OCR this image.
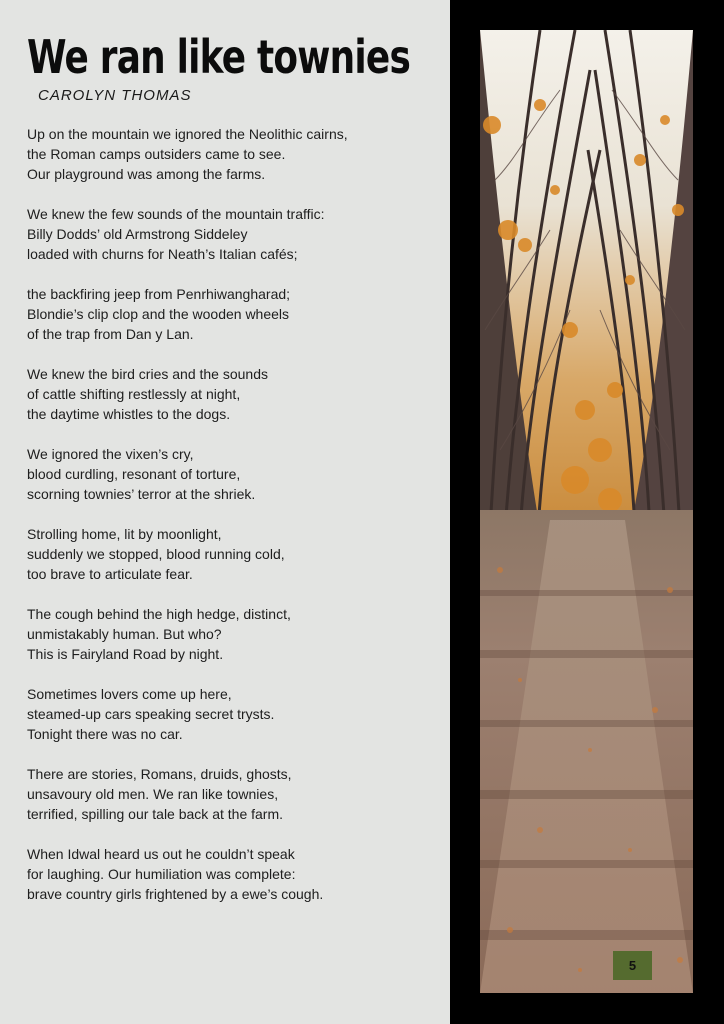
We ran like townies

CAROLYN THOMAS

Up on the mountain we ignored the Neolithic cairns,
the Roman camps outsiders came to see.
Our playground was among the farms.

We knew the few sounds of the mountain traffic:
Billy Dodds’ old Armstrong Siddeley
loaded with churns for Neath’s Italian cafés;

the backfiring jeep from Penrhiwangharad;
Blondie’s clip clop and the wooden wheels
of the trap from Dan y Lan.

We knew the bird cries and the sounds
of cattle shifting restlessly at night,
the daytime whistles to the dogs.

We ignored the vixen’s cry,
blood curdling, resonant of torture,
scorning townies’ terror at the shriek.

Strolling home, lit by moonlight,
suddenly we stopped, blood running cold,
too brave to articulate fear.

The cough behind the high hedge, distinct,
unmistakably human. But who?
This is Fairyland Road by night.

Sometimes lovers come up here,
steamed-up cars speaking secret trysts.
Tonight there was no car.

There are stories, Romans, druids, ghosts,
unsavoury old men. We ran like townies,
terrified, spilling our tale back at the farm.

When Idwal heard us out he couldn’t speak
for laughing. Our humiliation was complete:
brave country girls frightened by a ewe’s cough.

5
